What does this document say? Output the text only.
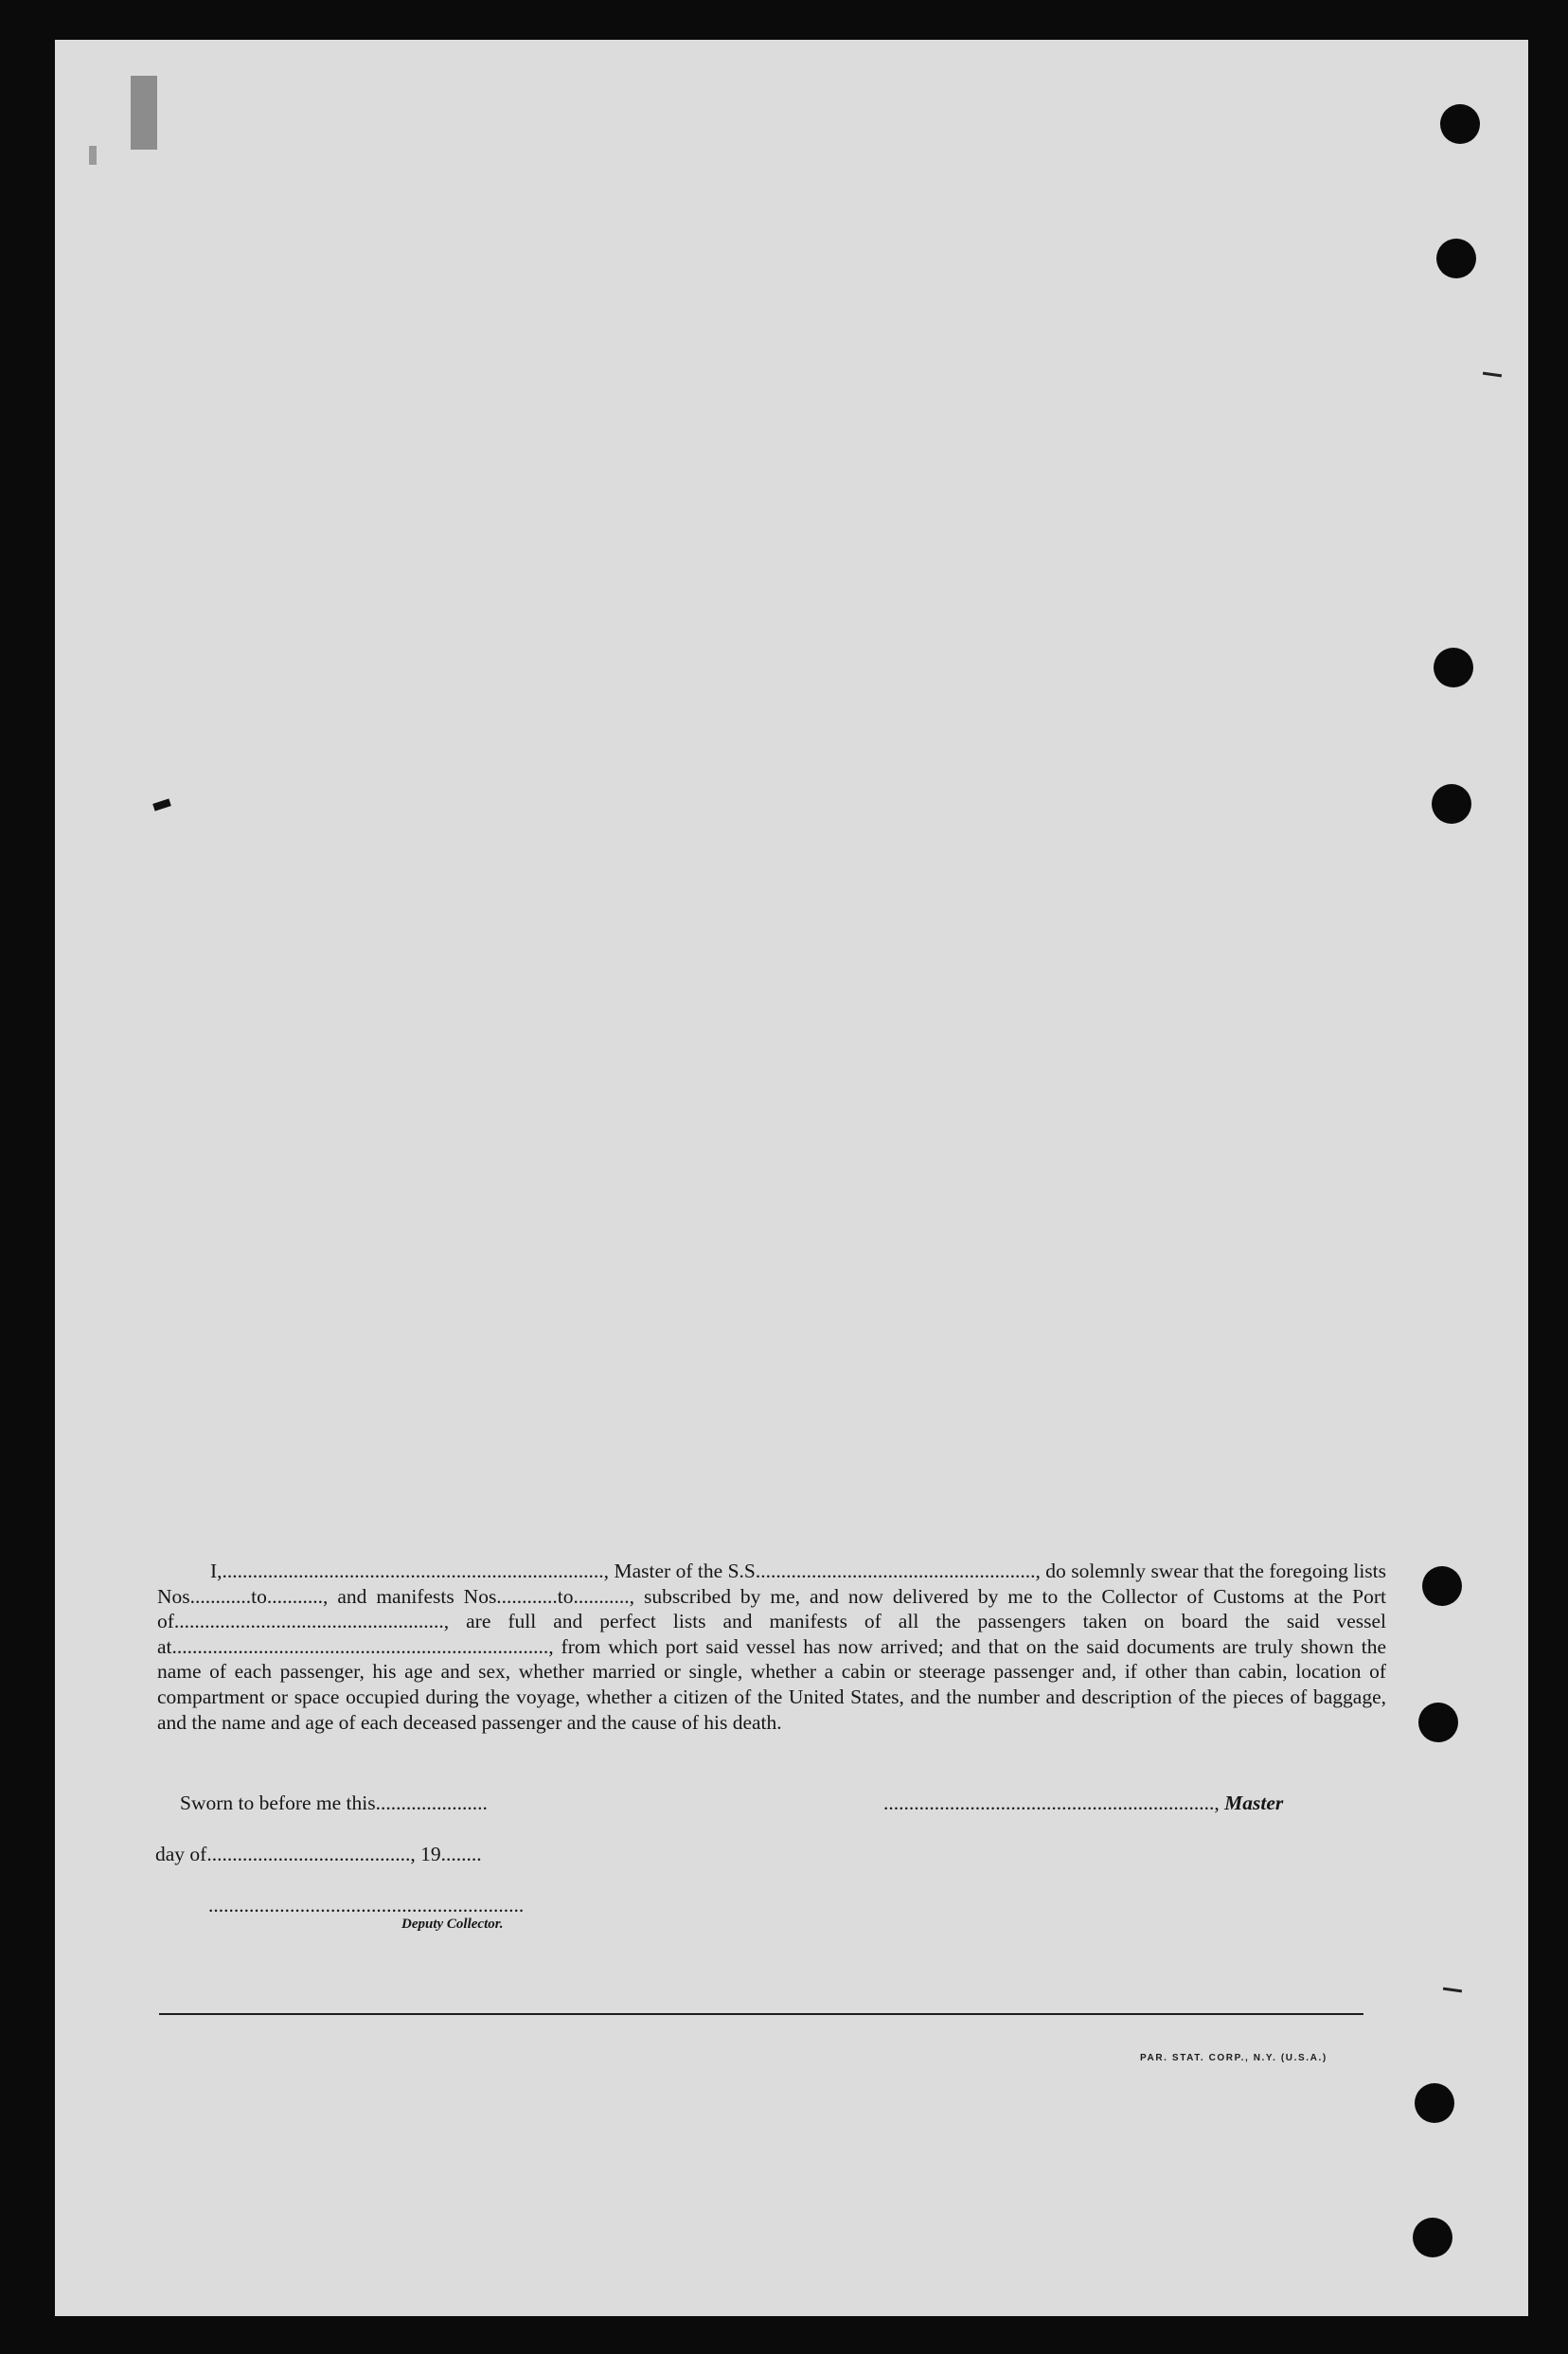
I,..........................................................................., Master of the S.S......................................................., do solemnly swear that the foregoing lists Nos............to..........., and manifests Nos............to..........., subscribed by me, and now delivered by me to the Collector of Customs at the Port of....................................................., are full and perfect lists and manifests of all the passengers taken on board the said vessel at.........................................................................., from which port said vessel has now arrived; and that on the said documents are truly shown the name of each passenger, his age and sex, whether married or single, whether a cabin or steerage passenger and, if other than cabin, location of compartment or space occupied during the voyage, whether a citizen of the United States, and the number and description of the pieces of baggage, and the name and age of each deceased passenger and the cause of his death.

Sworn to before me this......................
day of........................................, 19........
................................................................., Master
..............................................................
Deputy Collector.
PAR. STAT. CORP., N.Y. (U.S.A.)
